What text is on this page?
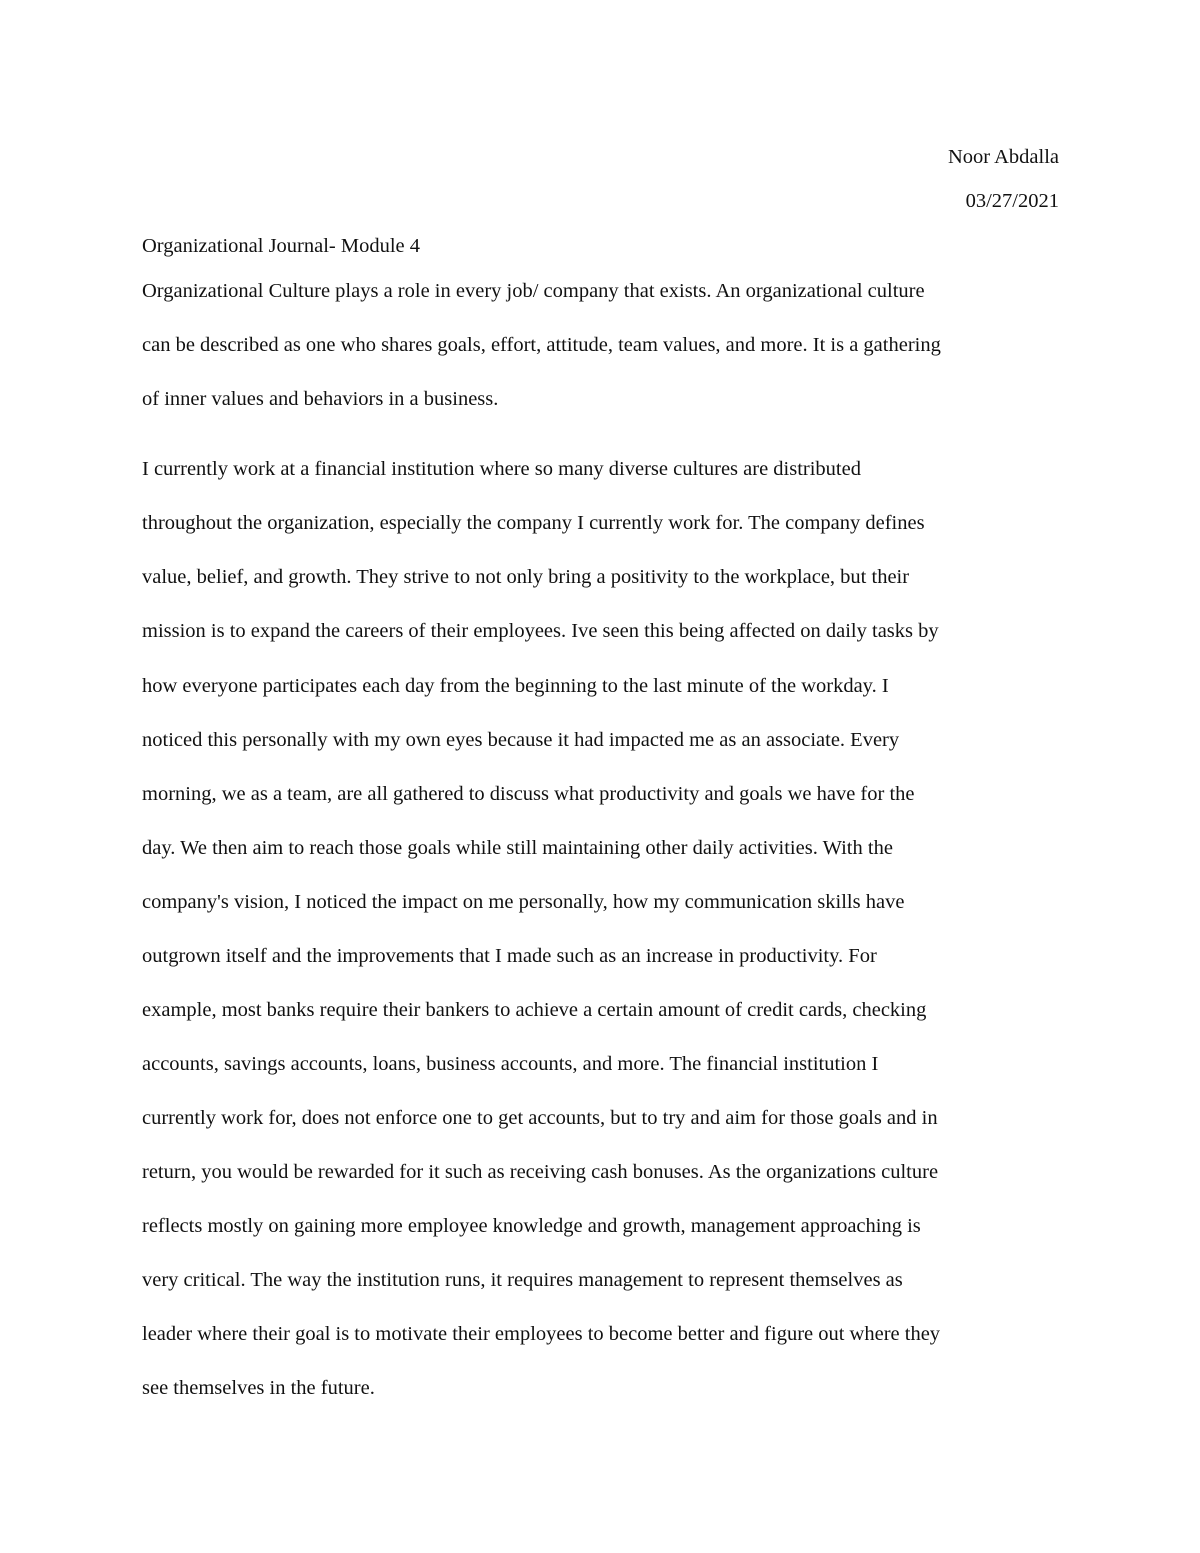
Noor Abdalla
03/27/2021
Organizational Journal- Module 4
Organizational Culture plays a role in every job/ company that exists. An organizational culture
can be described as one who shares goals, effort, attitude, team values, and more. It is a gathering
of inner values and behaviors in a business.
I currently work at a financial institution where so many diverse cultures are distributed
throughout the organization, especially the company I currently work for. The company defines
value, belief, and growth. They strive to not only bring a positivity to the workplace, but their
mission is to expand the careers of their employees. Ive seen this being affected on daily tasks by
how everyone participates each day from the beginning to the last minute of the workday. I
noticed this personally with my own eyes because it had impacted me as an associate. Every
morning, we as a team, are all gathered to discuss what productivity and goals we have for the
day. We then aim to reach those goals while still maintaining other daily activities. With the
company's vision, I noticed the impact on me personally, how my communication skills have
outgrown itself and the improvements that I made such as an increase in productivity. For
example, most banks require their bankers to achieve a certain amount of credit cards, checking
accounts, savings accounts, loans, business accounts, and more. The financial institution I
currently work for, does not enforce one to get accounts, but to try and aim for those goals and in
return, you would be rewarded for it such as receiving cash bonuses. As the organizations culture
reflects mostly on gaining more employee knowledge and growth, management approaching is
very critical. The way the institution runs, it requires management to represent themselves as
leader where their goal is to motivate their employees to become better and figure out where they
see themselves in the future.
